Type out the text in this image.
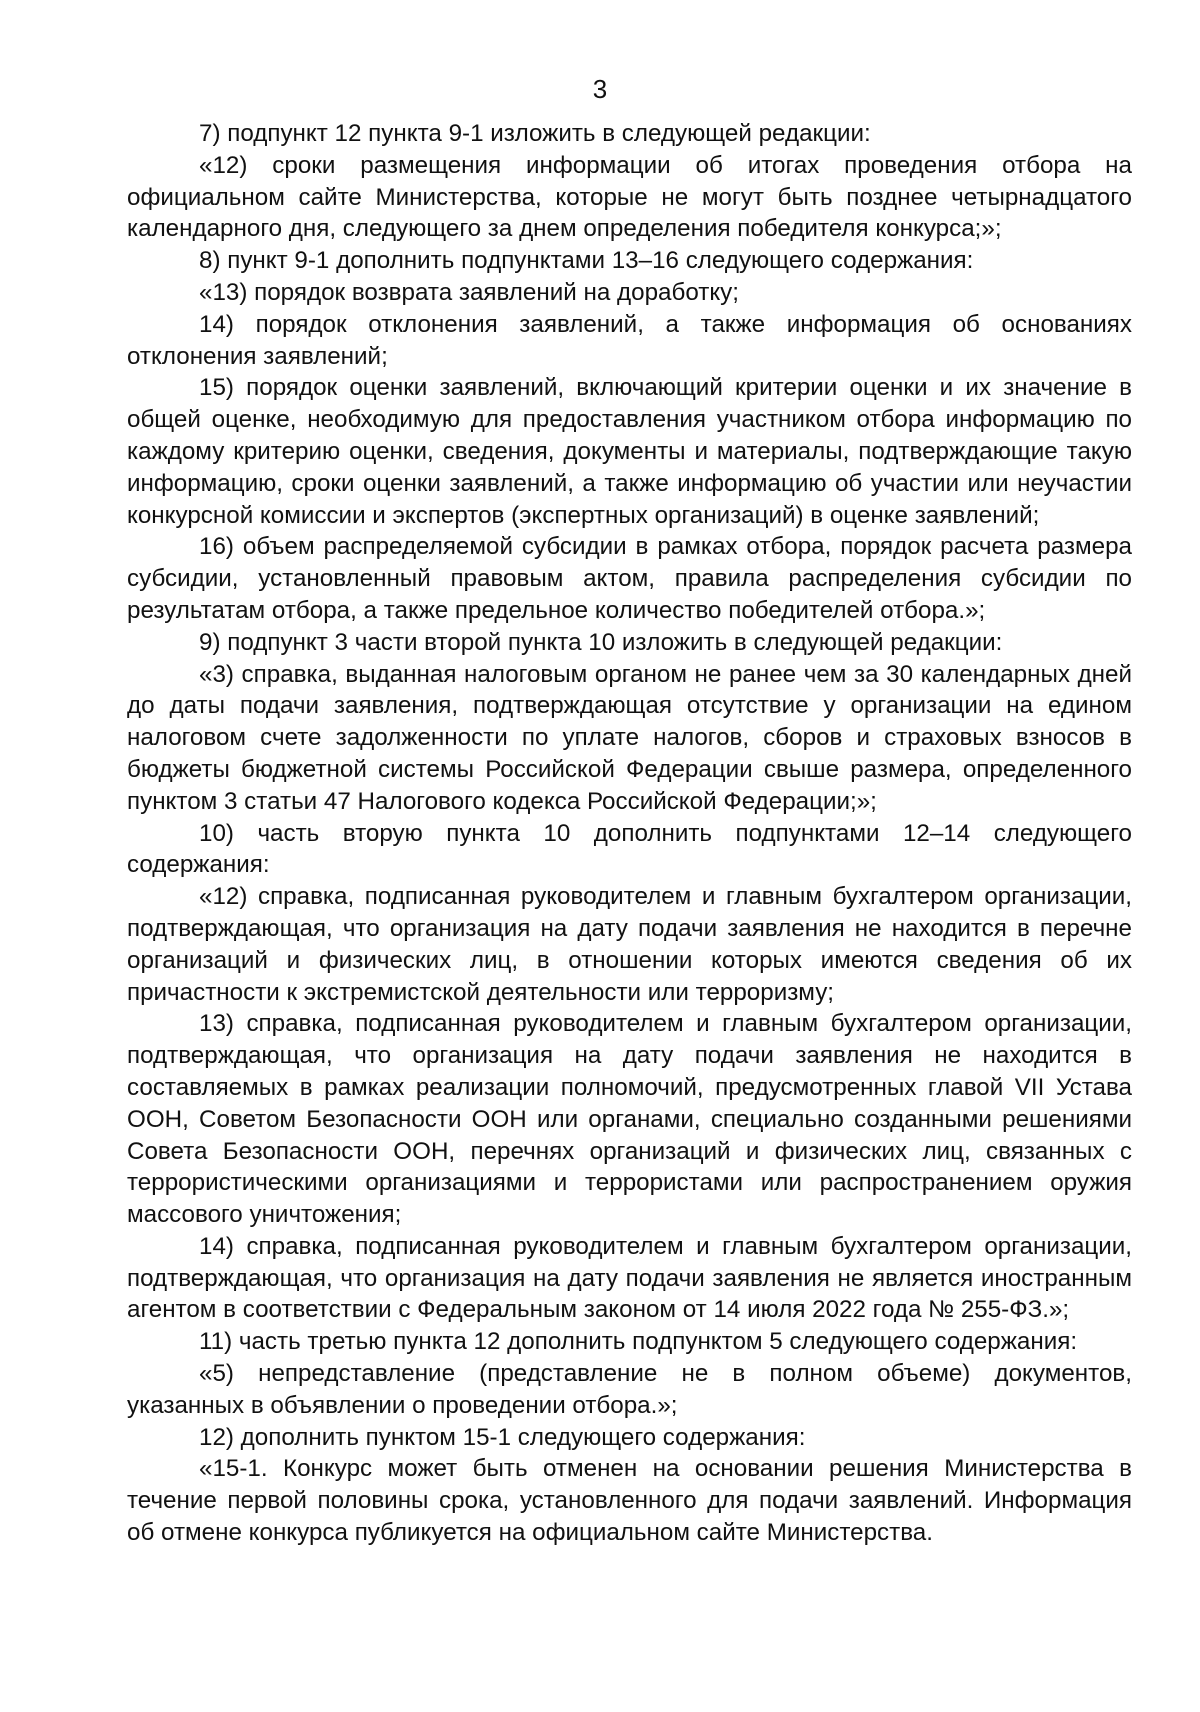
3

7) подпункт 12 пункта 9-1 изложить в следующей редакции:

«12) сроки размещения информации об итогах проведения отбора на официальном сайте Министерства, которые не могут быть позднее четырнадцатого календарного дня, следующего за днем определения победителя конкурса;»;

8) пункт 9-1 дополнить подпунктами 13–16 следующего содержания:

«13) порядок возврата заявлений на доработку;

14) порядок отклонения заявлений, а также информация об основаниях отклонения заявлений;

15) порядок оценки заявлений, включающий критерии оценки и их значение в общей оценке, необходимую для предоставления участником отбора информацию по каждому критерию оценки, сведения, документы и материалы, подтверждающие такую информацию, сроки оценки заявлений, а также информацию об участии или неучастии конкурсной комиссии и экспертов (экспертных организаций) в оценке заявлений;

16) объем распределяемой субсидии в рамках отбора, порядок расчета размера субсидии, установленный правовым актом, правила распределения субсидии по результатам отбора, а также предельное количество победителей отбора.»;

9) подпункт 3 части второй пункта 10 изложить в следующей редакции:

«3) справка, выданная налоговым органом не ранее чем за 30 календарных дней до даты подачи заявления, подтверждающая отсутствие у организации на едином налоговом счете задолженности по уплате налогов, сборов и страховых взносов в бюджеты бюджетной системы Российской Федерации свыше размера, определенного пунктом 3 статьи 47 Налогового кодекса Российской Федерации;»;

10) часть вторую пункта 10 дополнить подпунктами 12–14 следующего содержания:

«12) справка, подписанная руководителем и главным бухгалтером организации, подтверждающая, что организация на дату подачи заявления не находится в перечне организаций и физических лиц, в отношении которых имеются сведения об их причастности к экстремистской деятельности или терроризму;

13) справка, подписанная руководителем и главным бухгалтером организации, подтверждающая, что организация на дату подачи заявления не находится в составляемых в рамках реализации полномочий, предусмотренных главой VII Устава ООН, Советом Безопасности ООН или органами, специально созданными решениями Совета Безопасности ООН, перечнях организаций и физических лиц, связанных с террористическими организациями и террористами или распространением оружия массового уничтожения;

14) справка, подписанная руководителем и главным бухгалтером организации, подтверждающая, что организация на дату подачи заявления не является иностранным агентом в соответствии с Федеральным законом от 14 июля 2022 года № 255-ФЗ.»;

11) часть третью пункта 12 дополнить подпунктом 5 следующего содержания:

«5) непредставление (представление не в полном объеме) документов, указанных в объявлении о проведении отбора.»;

12) дополнить пунктом 15-1 следующего содержания:

«15-1. Конкурс может быть отменен на основании решения Министерства в течение первой половины срока, установленного для подачи заявлений. Информация об отмене конкурса публикуется на официальном сайте Министерства.
